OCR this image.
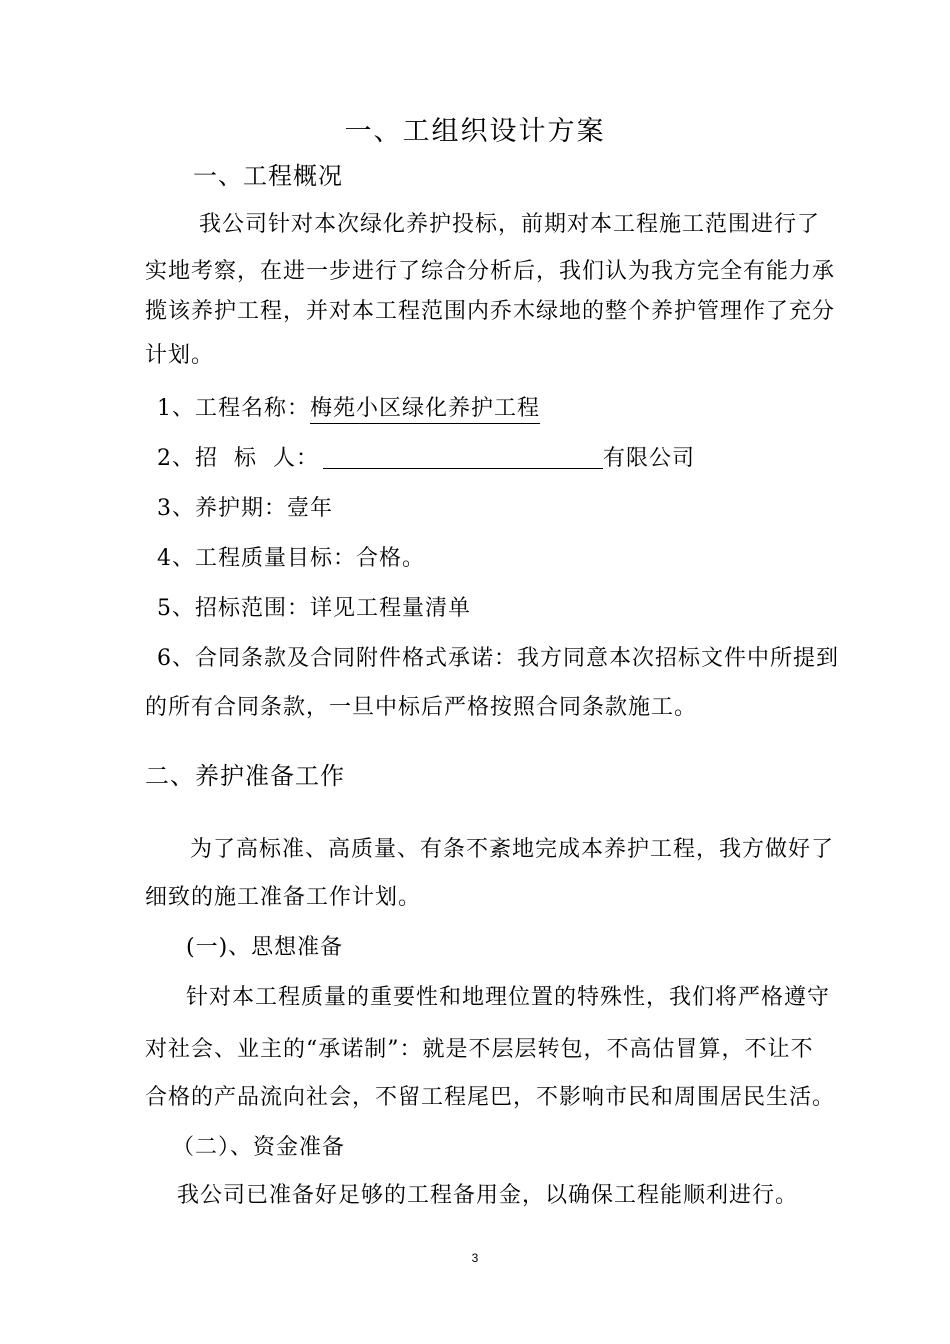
一、工组织设计方案
一、工程概况
我公司针对本次绿化养护投标，前期对本工程施工范围进行了
实地考察，在进一步进行了综合分析后，我们认为我方完全有能力承
揽该养护工程，并对本工程范围内乔木绿地的整个养护管理作了充分
计划。
1、工程名称：梅苑小区绿化养护工程
2、招  标  人：	有限公司
3、养护期：壹年
4、工程质量目标：合格。
5、招标范围：详见工程量清单
6、合同条款及合同附件格式承诺：我方同意本次招标文件中所提到
的所有合同条款，一旦中标后严格按照合同条款施工。
二、养护准备工作
为了高标准、高质量、有条不紊地完成本养护工程，我方做好了
细致的施工准备工作计划。
(一)、思想准备
针对本工程质量的重要性和地理位置的特殊性，我们将严格遵守
对社会、业主的“承诺制”：就是不层层转包，不高估冒算，不让不
合格的产品流向社会，不留工程尾巴，不影响市民和周围居民生活。
（二）、资金准备
我公司已准备好足够的工程备用金，以确保工程能顺利进行。
3
